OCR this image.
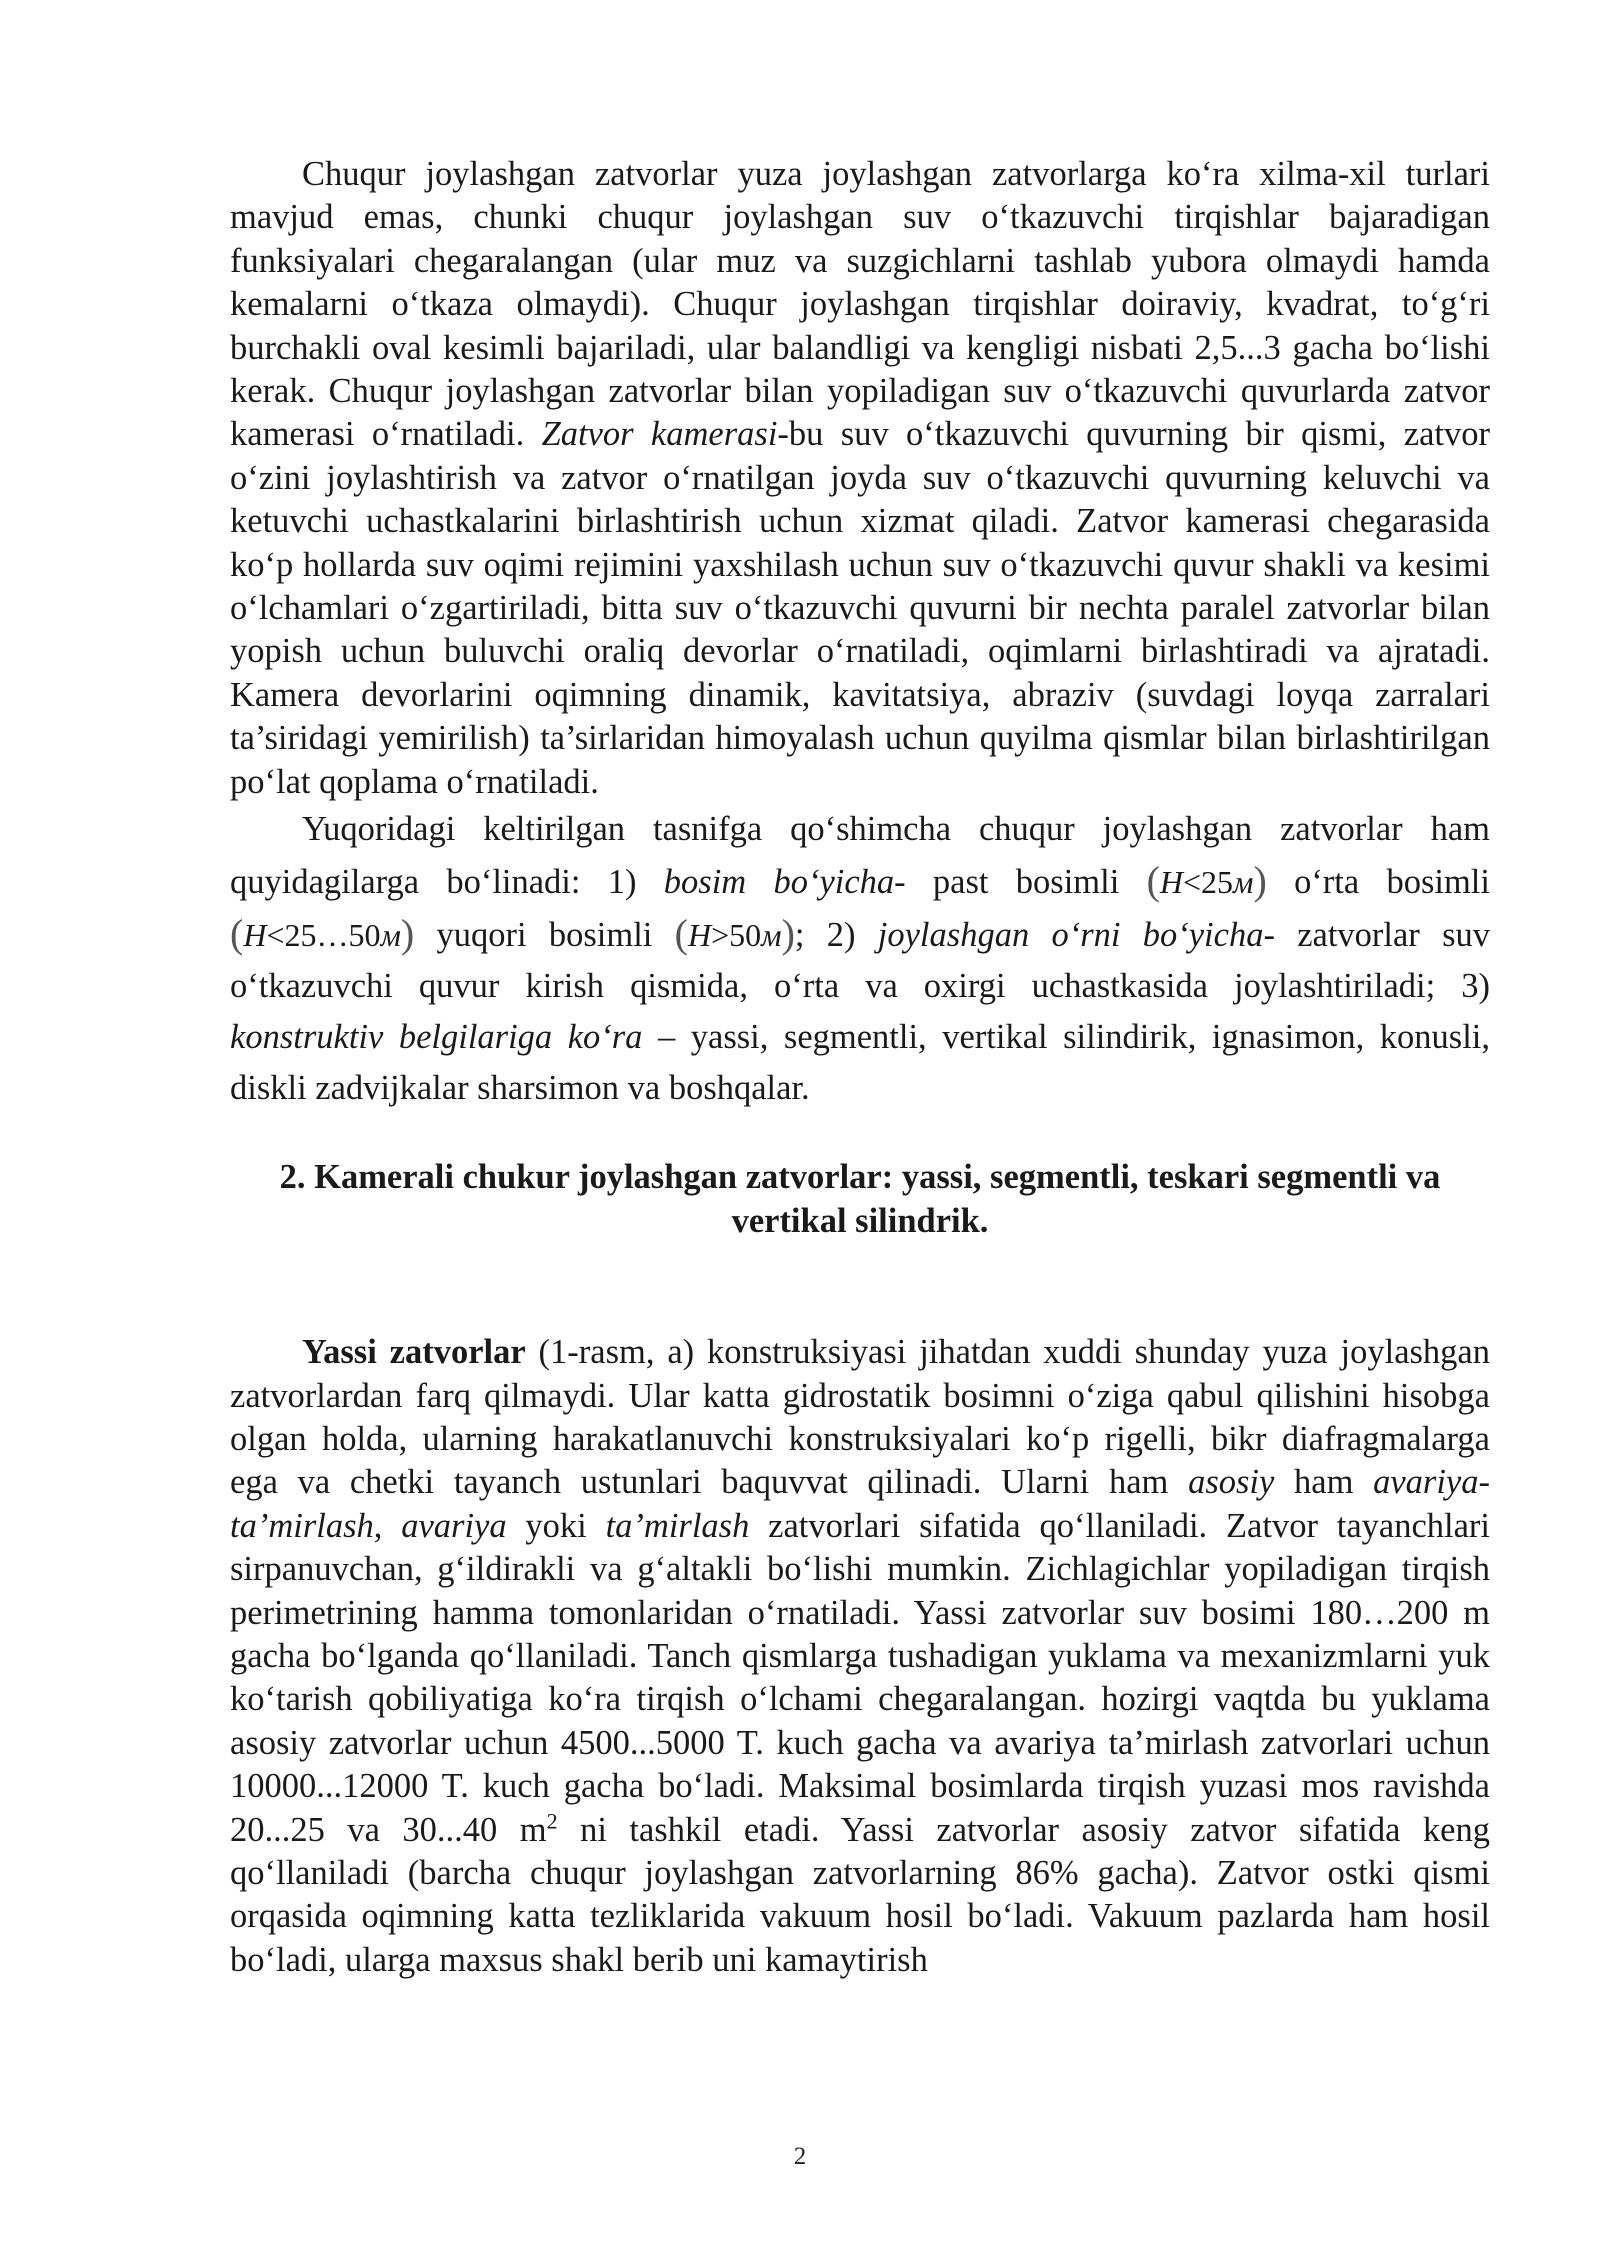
Chuqur joylashgan zatvorlar yuza joylashgan zatvorlarga ko‘ra xilma-xil turlari mavjud emas, chunki chuqur joylashgan suv o‘tkazuvchi tirqishlar bajaradigan funksiyalari chegaralangan (ular muz va suzgichlarni tashlab yubora olmaydi hamda kemalarni o‘tkaza olmaydi). Chuqur joylashgan tirqishlar doiraviy, kvadrat, to‘g‘ri burchakli oval kesimli bajariladi, ular balandligi va kengligi nisbati 2,5...3 gacha bo‘lishi kerak. Chuqur joylashgan zatvorlar bilan yopiladigan suv o‘tkazuvchi quvurlarda zatvor kamerasi o‘rnatiladi. Zatvor kamerasi-bu suv o‘tkazuvchi quvurning bir qismi, zatvor o‘zini joylashtirish va zatvor o‘rnatilgan joyda suv o‘tkazuvchi quvurning keluvchi va ketuvchi uchastkalarini birlashtirish uchun xizmat qiladi. Zatvor kamerasi chegarasida ko‘p hollarda suv oqimi rejimini yaxshilash uchun suv o‘tkazuvchi quvur shakli va kesimi o‘lchamlari o‘zgartiriladi, bitta suv o‘tkazuvchi quvurni bir nechta paralel zatvorlar bilan yopish uchun buluvchi oraliq devorlar o‘rnatiladi, oqimlarni birlashtiradi va ajratadi. Kamera devorlarini oqimning dinamik, kavitatsiya, abraziv (suvdagi loyqa zarralari ta’siridagi yemirilish) ta’sirlaridan himoyalash uchun quyilma qismlar bilan birlashtirilgan po‘lat qoplama o‘rnatiladi.

Yuqoridagi keltirilgan tasnifga qo‘shimcha chuqur joylashgan zatvorlar ham quyidagilarga bo‘linadi: 1) bosim bo‘yicha- past bosimli (H<25м) o‘rta bosimli (H<25…50м) yuqori bosimli (H>50м); 2) joylashgan o‘rni bo‘yicha- zatvorlar suv o‘tkazuvchi quvur kirish qismida, o‘rta va oxirgi uchastkasida joylashtiriladi; 3) konstruktiv belgilariga ko‘ra – yassi, segmentli, vertikal silindirik, ignasimon, konusli, diskli zadvijkalar sharsimon va boshqalar.

2. Kamerali chukur joylashgan zatvorlar: yassi, segmentli, teskari segmentli va vertikal silindrik.

Yassi zatvorlar (1-rasm, a) konstruksiyasi jihatdan xuddi shunday yuza joylashgan zatvorlardan farq qilmaydi. Ular katta gidrostatik bosimni o‘ziga qabul qilishini hisobga olgan holda, ularning harakatlanuvchi konstruksiyalari ko‘p rigelli, bikr diafragmalarga ega va chetki tayanch ustunlari baquvvat qilinadi. Ularni ham asosiy ham avariya-ta’mirlash, avariya yoki ta’mirlash zatvorlari sifatida qo‘llaniladi. Zatvor tayanchlari sirpanuvchan, g‘ildirakli va g‘altakli bo‘lishi mumkin. Zichlagichlar yopiladigan tirqish perimetrining hamma tomonlaridan o‘rnatiladi. Yassi zatvorlar suv bosimi 180…200 m gacha bo‘lganda qo‘llaniladi. Tanch qismlarga tushadigan yuklama va mexanizmlarni yuk ko‘tarish qobiliyatiga ko‘ra tirqish o‘lchami chegaralangan. hozirgi vaqtda bu yuklama asosiy zatvorlar uchun 4500...5000 T. kuch gacha va avariya ta’mirlash zatvorlari uchun 10000...12000 T. kuch gacha bo‘ladi. Maksimal bosimlarda tirqish yuzasi mos ravishda 20...25 va 30...40 $m^2$ ni tashkil etadi. Yassi zatvorlar asosiy zatvor sifatida keng qo‘llaniladi (barcha chuqur joylashgan zatvorlarning 86% gacha). Zatvor ostki qismi orqasida oqimning katta tezliklarida vakuum hosil bo‘ladi. Vakuum pazlarda ham hosil bo‘ladi, ularga maxsus shakl berib uni kamaytirish

2
